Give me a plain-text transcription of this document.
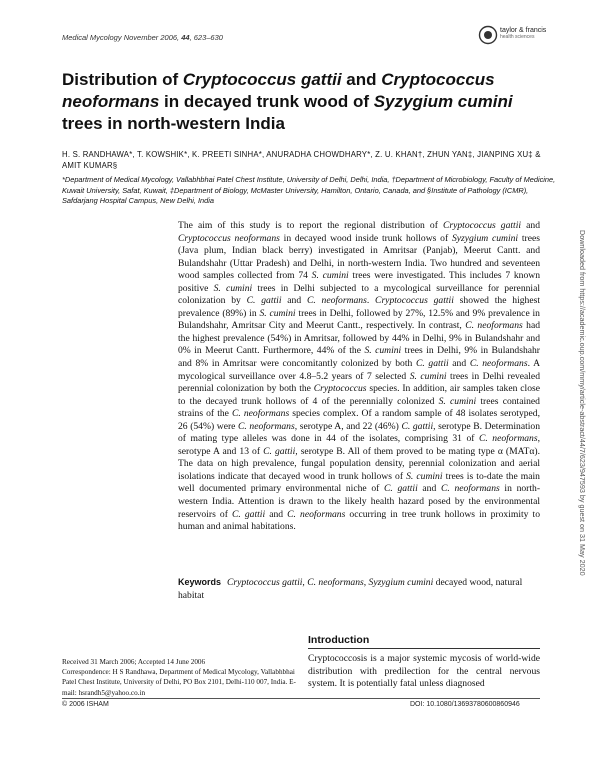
Medical Mycology November 2006, 44, 623–630
taylor & francis
health sciences
Distribution of Cryptococcus gattii and Cryptococcus neoformans in decayed trunk wood of Syzygium cumini trees in north-western India
H. S. RANDHAWA*, T. KOWSHIK*, K. PREETI SINHA*, ANURADHA CHOWDHARY*, Z. U. KHAN†, ZHUN YAN‡, JIANPING XU‡ & AMIT KUMAR§
*Department of Medical Mycology, Vallabhbhai Patel Chest Institute, University of Delhi, Delhi, India, †Department of Microbiology, Faculty of Medicine, Kuwait University, Safat, Kuwait, ‡Department of Biology, McMaster University, Hamilton, Ontario, Canada, and §Institute of Pathology (ICMR), Safdarjang Hospital Campus, New Delhi, India

The aim of this study is to report the regional distribution of Cryptococcus gattii and Cryptococcus neoformans in decayed wood inside trunk hollows of Syzygium cumini trees (Java plum, Indian black berry) investigated in Amritsar (Panjab), Meerut Cantt. and Bulandshahr (Uttar Pradesh) and Delhi, in north-western India. Two hundred and seventeen wood samples collected from 74 S. cumini trees were investigated. This includes 7 known positive S. cumini trees in Delhi subjected to a mycological surveillance for perennial colonization by C. gattii and C. neoformans. Cryptococcus gattii showed the highest prevalence (89%) in S. cumini trees in Delhi, followed by 27%, 12.5% and 9% prevalence in Bulandshahr, Amritsar City and Meerut Cantt., respectively. In contrast, C. neoformans had the highest prevalence (54%) in Amritsar, followed by 44% in Delhi, 9% in Bulandshahr and 0% in Meerut Cantt. Furthermore, 44% of the S. cumini trees in Delhi, 9% in Bulandshahr and 8% in Amritsar were concomitantly colonized by both C. gattii and C. neoformans. A mycological surveillance over 4.8–5.2 years of 7 selected S. cumini trees in Delhi revealed perennial colonization by both the Cryptococcus species. In addition, air samples taken close to the decayed trunk hollows of 4 of the perennially colonized S. cumini trees contained strains of the C. neoformans species complex. Of a random sample of 48 isolates serotyped, 26 (54%) were C. neoformans, serotype A, and 22 (46%) C. gattii, serotype B. Determination of mating type alleles was done in 44 of the isolates, comprising 31 of C. neoformans, serotype A and 13 of C. gattii, serotype B. All of them proved to be mating type α (MATα). The data on high prevalence, fungal population density, perennial colonization and aerial isolations indicate that decayed wood in trunk hollows of S. cumini trees is to-date the main well documented primary environmental niche of C. gattii and C. neoformans in north-western India. Attention is drawn to the likely health hazard posed by the environmental reservoirs of C. gattii and C. neoformans occurring in tree trunk hollows in proximity to human and animal habitations.

Keywords Cryptococcus gattii, C. neoformans, Syzygium cumini decayed wood, natural habitat
Downloaded from https://academic.oup.com/mmy/article-abstract/44/7/623/947593 by guest on 31 May 2020
Received 31 March 2006; Accepted 14 June 2006
Correspondence: H S Randhawa, Department of Medical Mycology, Vallabhbhai Patel Chest Institute, University of Delhi, PO Box 2101, Delhi-110 007, India. E-mail: hsrandh5@yahoo.co.in
Introduction

Cryptococcosis is a major systemic mycosis of world-wide distribution with predilection for the central nervous system. It is potentially fatal unless diagnosed

© 2006 ISHAM	DOI: 10.1080/13693780600860946
